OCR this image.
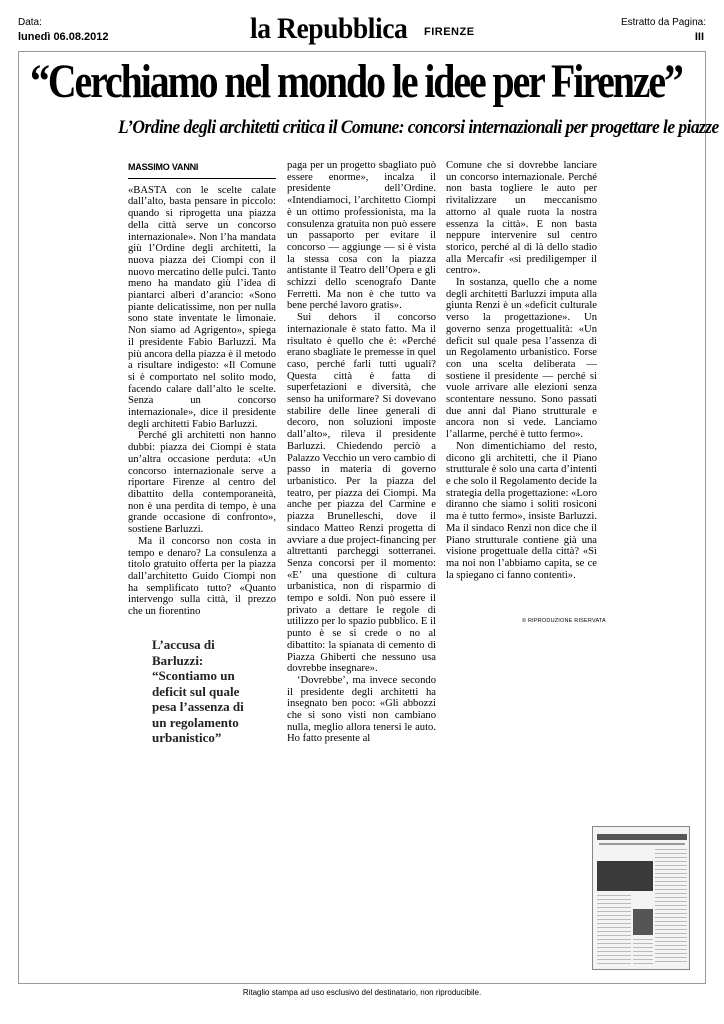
Data:
lunedì 06.08.2012	la Repubblica FIRENZE
Estratto da Pagina:
III
“Cerchiamo nel mondo le idee per Firenze”
L’Ordine degli architetti critica il Comune: concorsi internazionali per progettare le piazze
MASSIMO VANNI

«BASTA con le scelte calate dall’alto, basta pensare in piccolo: quando si riprogetta una piazza della città serve un concorso internazionale». Non l’ha mandata giù l’Ordine degli architetti, la nuova piazza dei Ciompi con il nuovo mercatino delle pulci. Tanto meno ha mandato giù l’idea di piantarci alberi d’arancio: «Sono piante delicatissime, non per nulla sono state inventate le limonaie. Non siamo ad Agrigento», spiega il presidente Fabio Barluzzi. Ma più ancora della piazza è il metodo a risultare indigesto: «Il Comune si è comportato nel solito modo, facendo calare dall’alto le scelte. Senza un concorso internazionale», dice il presidente degli architetti Fabio Barluzzi.

Perché gli architetti non hanno dubbi: piazza dei Ciompi è stata un’altra occasione perduta: «Un concorso internazionale serve a riportare Firenze al centro del dibattito della contemporaneità, non è una perdita di tempo, è una grande occasione di confronto», sostiene Barluzzi.

Ma il concorso non costa in tempo e denaro? La consulenza a titolo gratuito offerta per la piazza dall’architetto Guido Ciompi non ha semplificato tutto? «Quanto intervengo sulla città, il prezzo che un fiorentino

paga per un progetto sbagliato può essere enorme», incalza il presidente dell’Ordine. «Intendiamoci, l’architetto Ciompi è un ottimo professionista, ma la consulenza gratuita non può essere un passaporto per evitare il concorso — aggiunge — si è vista la stessa cosa con la piazza antistante il Teatro dell’Opera e gli schizzi dello scenografo Dante Ferretti. Ma non è che tutto va bene perché lavoro gratis».

Sui dehors il concorso internazionale è stato fatto. Ma il risultato è quello che è: «Perché erano sbagliate le premesse in quel caso, perché farli tutti uguali? Questa città è fatta di superfetazioni e diversità, che senso ha uniformare? Si dovevano stabilire delle linee generali di decoro, non soluzioni imposte dall’alto», rileva il presidente Barluzzi. Chiedendo perciò a Palazzo Vecchio un vero cambio di passo in materia di governo urbanistico. Per la piazza del teatro, per piazza dei Ciompi. Ma anche per piazza del Carmine e piazza Brunelleschi, dove il sindaco Matteo Renzi progetta di avviare a due project-financing per altrettanti parcheggi sotterranei. Senza concorsi per il momento: «E’ una questione di cultura urbanistica, non di risparmio di tempo e soldi. Non può essere il privato a dettare le regole di utilizzo per lo spazio pubblico. E il punto è se si crede o no al dibattito: la spianata di cemento di Piazza Ghiberti che nessuno usa dovrebbe insegnare».

‘Dovrebbe’, ma invece secondo il presidente degli architetti ha insegnato ben poco: «Gli abbozzi che si sono visti non cambiano nulla, meglio allora tenersi le auto. Ho fatto presente al

Comune che si dovrebbe lanciare un concorso internazionale. Perché non basta togliere le auto per rivitalizzare un meccanismo attorno al quale ruota la nostra essenza la città». E non basta neppure intervenire sul centro storico, perché al di là dello stadio alla Mercafir «si prediligemper il centro».

In sostanza, quello che a nome degli architetti Barluzzi imputa alla giunta Renzi è un «deficit culturale verso la progettazione». Un governo senza progettualità: «Un deficit sul quale pesa l’assenza di un Regolamento urbanistico. Forse con una scelta deliberata — sostiene il presidente — perché si vuole arrivare alle elezioni senza scontentare nessuno. Sono passati due anni dal Piano strutturale e ancora non si vede. Lanciamo l’allarme, perché è tutto fermo».

Non dimentichiamo del resto, dicono gli architetti, che il Piano strutturale è solo una carta d’intenti e che solo il Regolamento decide la strategia della progettazione: «Loro diranno che siamo i soliti rosiconi ma è tutto fermo», insiste Barluzzi. Ma il sindaco Renzi non dice che il Piano strutturale contiene già una visione progettuale della città? «Sì ma noi non l’abbiamo capita, se ce la spiegano ci fanno contenti».

L’accusa di
Barluzzi:
“Scontiamo un
deficit sul quale
pesa l’assenza di
un regolamento
urbanistico”
© RIPRODUZIONE RISERVATA
Ritaglio stampa ad uso esclusivo del destinatario, non riproducibile.
